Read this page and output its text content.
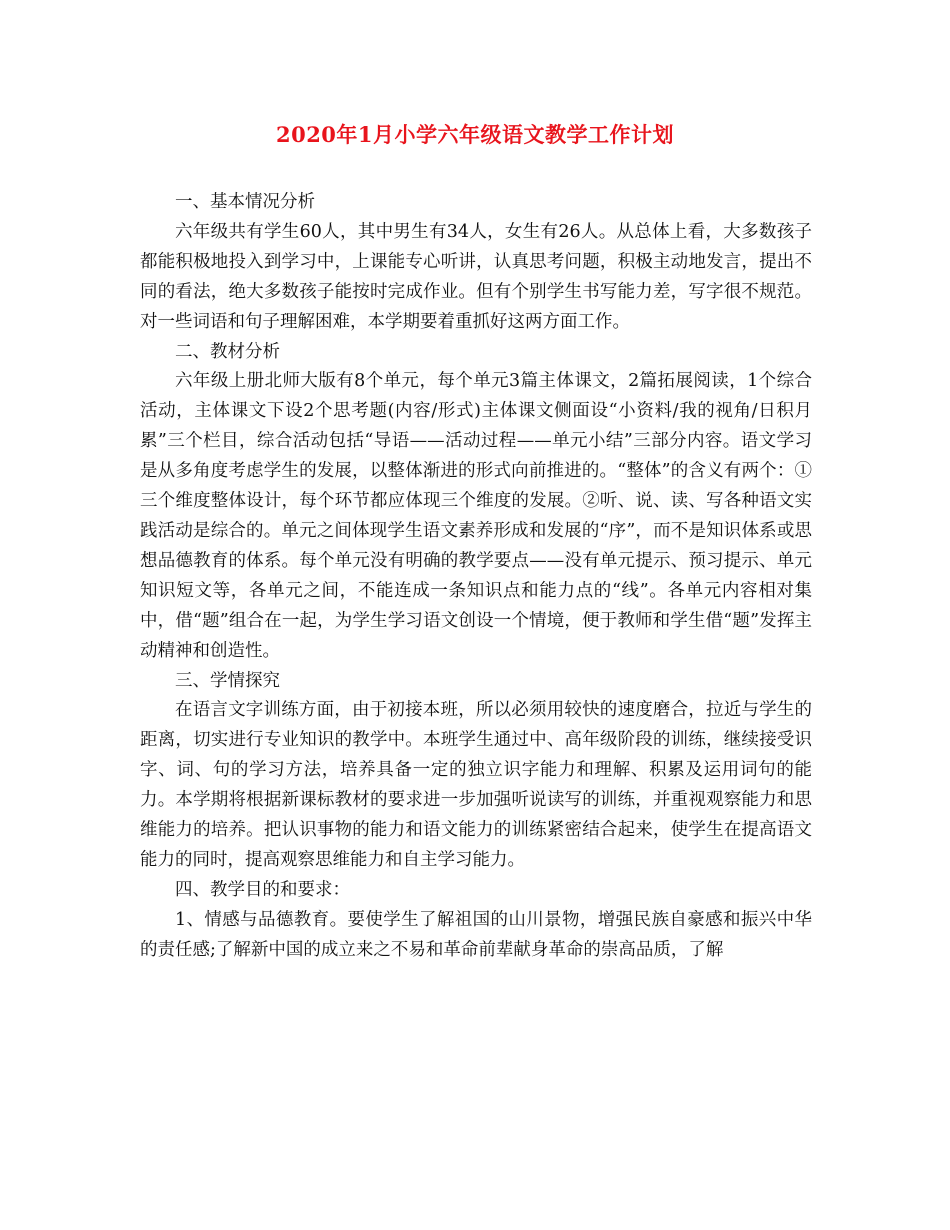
2020年1月小学六年级语文教学工作计划

一、基本情况分析

六年级共有学生60人，其中男生有34人，女生有26人。从总体上看，大多数孩子都能积极地投入到学习中，上课能专心听讲，认真思考问题，积极主动地发言，提出不同的看法，绝大多数孩子能按时完成作业。但有个别学生书写能力差，写字很不规范。对一些词语和句子理解困难，本学期要着重抓好这两方面工作。

二、教材分析

六年级上册北师大版有8个单元，每个单元3篇主体课文，2篇拓展阅读，1个综合活动，主体课文下设2个思考题(内容/形式)主体课文侧面设“小资料/我的视角/日积月累”三个栏目，综合活动包括“导语——活动过程——单元小结”三部分内容。语文学习是从多角度考虑学生的发展，以整体渐进的形式向前推进的。“整体”的含义有两个：①三个维度整体设计，每个环节都应体现三个维度的发展。②听、说、读、写各种语文实践活动是综合的。单元之间体现学生语文素养形成和发展的“序”，而不是知识体系或思想品德教育的体系。每个单元没有明确的教学要点——没有单元提示、预习提示、单元知识短文等，各单元之间，不能连成一条知识点和能力点的“线”。各单元内容相对集中，借“题”组合在一起，为学生学习语文创设一个情境，便于教师和学生借“题”发挥主动精神和创造性。

三、学情探究

在语言文字训练方面，由于初接本班，所以必须用较快的速度磨合，拉近与学生的距离，切实进行专业知识的教学中。本班学生通过中、高年级阶段的训练，继续接受识字、词、句的学习方法，培养具备一定的独立识字能力和理解、积累及运用词句的能力。本学期将根据新课标教材的要求进一步加强听说读写的训练，并重视观察能力和思维能力的培养。把认识事物的能力和语文能力的训练紧密结合起来，使学生在提高语文能力的同时，提高观察思维能力和自主学习能力。

四、教学目的和要求：

1、情感与品德教育。要使学生了解祖国的山川景物，增强民族自豪感和振兴中华的责任感;了解新中国的成立来之不易和革命前辈献身革命的崇高品质，了解
